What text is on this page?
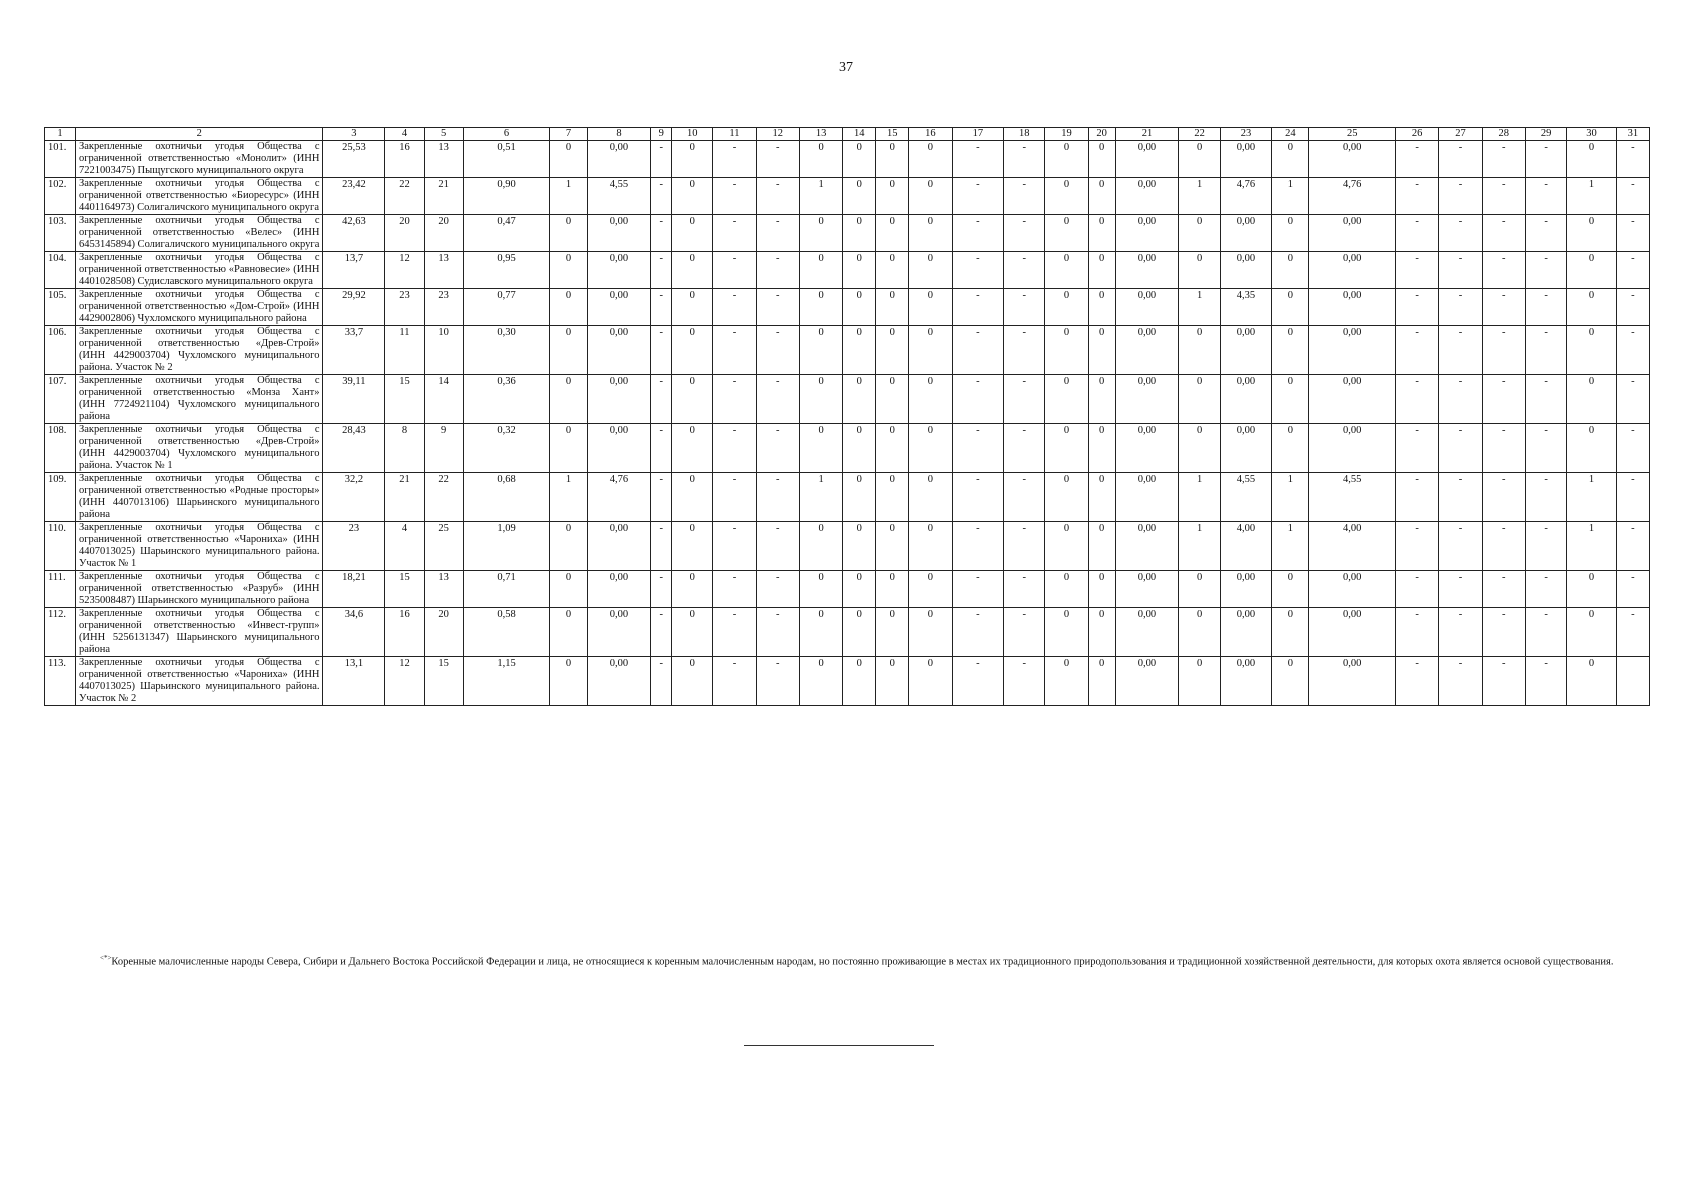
37
1	2	3	4	5	6	7	8	9	10	11	12	13	14	15	16	17	18	19	20	21	22	23	24	25	26	27	28	29	30	31
101.	Закрепленные охотничьи угодья Общества с ограниченной ответственностью «Монолит» (ИНН 7221003475) Пыщугского муниципального округа	25,53	16	13	0,51	0	0,00	-	0	-	-	0	0	0	0	-	-	0	0	0,00	0	0,00	0	0,00	-	-	-	-	0	-
102.	Закрепленные охотничьи угодья Общества с ограниченной ответственностью «Биоресурс» (ИНН 4401164973) Солигаличского муниципального округа	23,42	22	21	0,90	1	4,55	-	0	-	-	1	0	0	0	-	-	0	0	0,00	1	4,76	1	4,76	-	-	-	-	1	-
103.	Закрепленные охотничьи угодья Общества с ограниченной ответственностью «Велес» (ИНН 6453145894) Солигаличского муниципального округа	42,63	20	20	0,47	0	0,00	-	0	-	-	0	0	0	0	-	-	0	0	0,00	0	0,00	0	0,00	-	-	-	-	0	-
104.	Закрепленные охотничьи угодья Общества с ограниченной ответственностью «Равновесие» (ИНН 4401028508) Судиславского муниципального округа	13,7	12	13	0,95	0	0,00	-	0	-	-	0	0	0	0	-	-	0	0	0,00	0	0,00	0	0,00	-	-	-	-	0	-
105.	Закрепленные охотничьи угодья Общества с ограниченной ответственностью «Дом-Строй» (ИНН 4429002806) Чухломского муниципального района	29,92	23	23	0,77	0	0,00	-	0	-	-	0	0	0	0	-	-	0	0	0,00	1	4,35	0	0,00	-	-	-	-	0	-
106.	Закрепленные охотничьи угодья Общества с ограниченной ответственностью «Древ-Строй» (ИНН 4429003704) Чухломского муниципального района. Участок № 2	33,7	11	10	0,30	0	0,00	-	0	-	-	0	0	0	0	-	-	0	0	0,00	0	0,00	0	0,00	-	-	-	-	0	-
107.	Закрепленные охотничьи угодья Общества с ограниченной ответственностью «Монза Хант» (ИНН 7724921104) Чухломского муниципального района	39,11	15	14	0,36	0	0,00	-	0	-	-	0	0	0	0	-	-	0	0	0,00	0	0,00	0	0,00	-	-	-	-	0	-
108.	Закрепленные охотничьи угодья Общества с ограниченной ответственностью «Древ-Строй» (ИНН 4429003704) Чухломского муниципального района. Участок № 1	28,43	8	9	0,32	0	0,00	-	0	-	-	0	0	0	0	-	-	0	0	0,00	0	0,00	0	0,00	-	-	-	-	0	-
109.	Закрепленные охотничьи угодья Общества с ограниченной ответственностью «Родные просторы» (ИНН 4407013106) Шарьинского муниципального района	32,2	21	22	0,68	1	4,76	-	0	-	-	1	0	0	0	-	-	0	0	0,00	1	4,55	1	4,55	-	-	-	-	1	-
110.	Закрепленные охотничьи угодья Общества с ограниченной ответственностью «Чарониха» (ИНН 4407013025) Шарьинского муниципального района. Участок № 1	23	4	25	1,09	0	0,00	-	0	-	-	0	0	0	0	-	-	0	0	0,00	1	4,00	1	4,00	-	-	-	-	1	-
111.	Закрепленные охотничьи угодья Общества с ограниченной ответственностью «Разруб» (ИНН 5235008487) Шарьинского муниципального района	18,21	15	13	0,71	0	0,00	-	0	-	-	0	0	0	0	-	-	0	0	0,00	0	0,00	0	0,00	-	-	-	-	0	-
112.	Закрепленные охотничьи угодья Общества с ограниченной ответственностью «Инвест-групп» (ИНН 5256131347) Шарьинского муниципального района	34,6	16	20	0,58	0	0,00	-	0	-	-	0	0	0	0	-	-	0	0	0,00	0	0,00	0	0,00	-	-	-	-	0	-
113.	Закрепленные охотничьи угодья Общества с ограниченной ответственностью «Чарониха» (ИНН 4407013025) Шарьинского муниципального района. Участок № 2	13,1	12	15	1,15	0	0,00	-	0	-	-	0	0	0	0	-	-	0	0	0,00	0	0,00	0	0,00	-	-	-	-	0	
<*>Коренные малочисленные народы Севера, Сибири и Дальнего Востока Российской Федерации и лица, не относящиеся к коренным малочисленным народам, но постоянно проживающие в местах их традиционного природопользования и традиционной хозяйственной деятельности, для которых охота является основой существования.
